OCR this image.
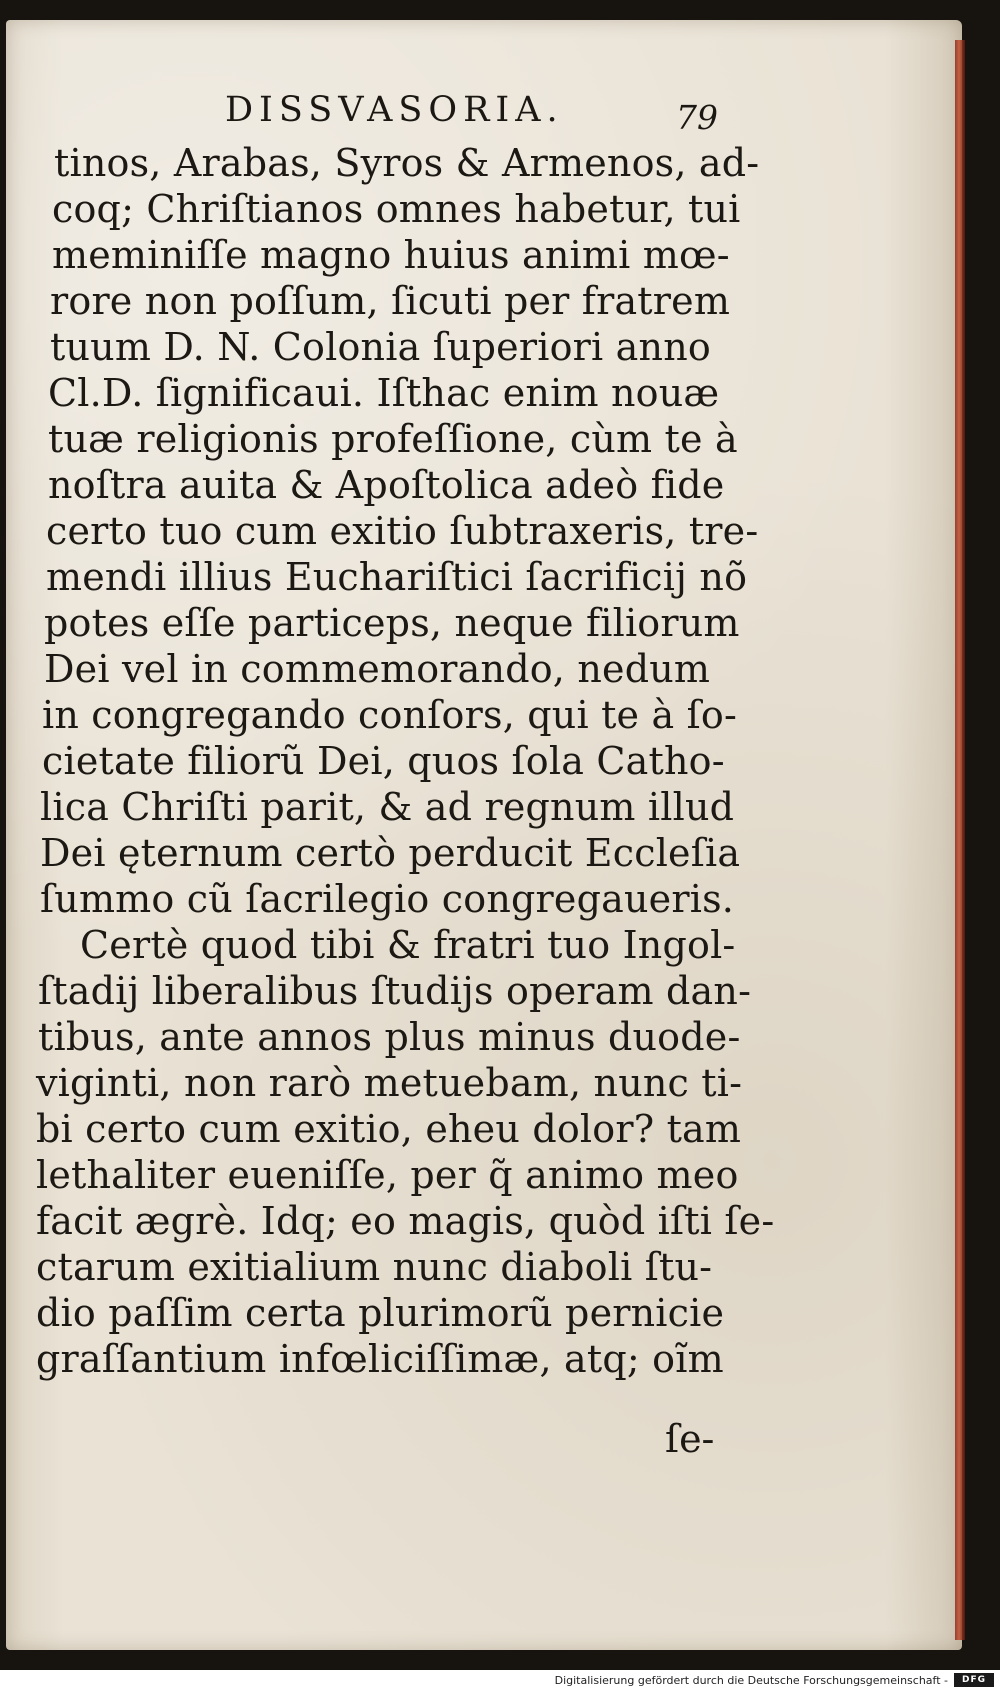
DISSVASORIA.	79
tinos, Arabas, Syros & Armenos, ad-
coq; Chriſtianos omnes habetur, tui
meminiſſe magno huius animi mœ-
rore non poſſum, ſicuti per fratrem
tuum D. N. Colonia ſuperiori anno
Cl.D. ſignificaui. Iſthac enim nouæ
tuæ religionis profeſſione, cùm te à
noſtra auita & Apoſtolica adeò fide
certo tuo cum exitio ſubtraxeris, tre-
mendi illius Euchariſtici ſacrificij nõ
potes eſſe particeps, neque filiorum
Dei vel in commemorando, nedum
in congregando conſors, qui te à ſo-
cietate filiorũ Dei, quos ſola Catho-
lica Chriſti parit, & ad regnum illud
Dei ęternum certò perducit Eccleſia
ſummo cũ ſacrilegio congregaueris.
Certè quod tibi & fratri tuo Ingol-
ſtadij liberalibus ſtudijs operam dan-
tibus, ante annos plus minus duode-
viginti, non rarò metuebam, nunc ti-
bi certo cum exitio, eheu dolor? tam
lethaliter eueniſſe, per q̃ animo meo
facit ægrè. Idq; eo magis, quòd iſti ſe-
ctarum exitialium nunc diaboli ſtu-
dio paſſim certa plurimorũ pernicie
graſſantium infœliciſſimæ, atq; oĩm
ſe-
Digitalisierung gefördert durch die Deutsche Forschungsgemeinschaft -	DFG
